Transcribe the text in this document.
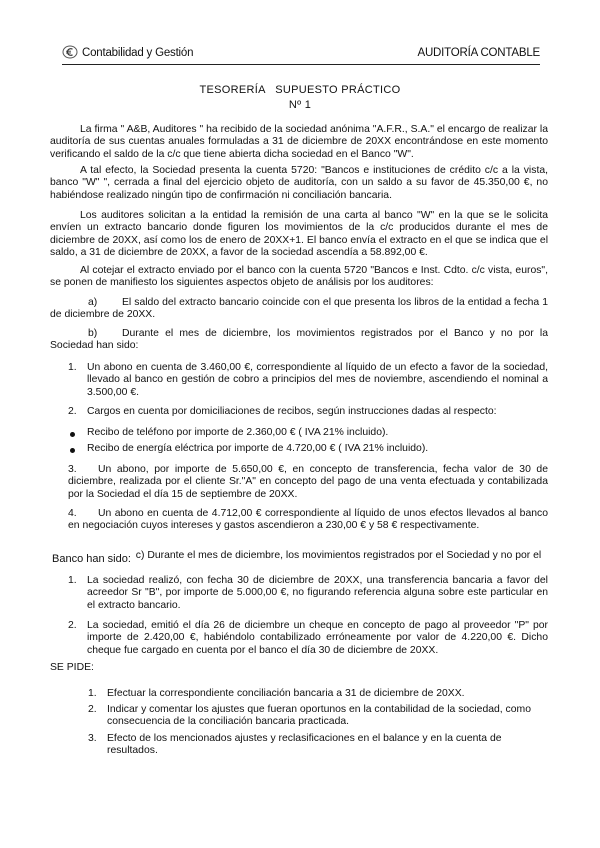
Contabilidad y Gestión	AUDITORÍA CONTABLE
TESORERÍA   SUPUESTO PRÁCTICO
Nº 1
La firma " A&B, Auditores " ha recibido de la sociedad anónima "A.F.R., S.A." el encargo de realizar la auditoría de sus cuentas anuales formuladas a 31 de diciembre de 20XX encontrándose en este momento verificando el saldo de la c/c que tiene abierta dicha sociedad en el Banco "W".
A tal efecto, la Sociedad presenta la cuenta 5720: "Bancos e instituciones de crédito c/c a la vista, banco "W" ", cerrada a final del ejercicio objeto de auditoría, con un saldo a su favor de 45.350,00 €, no habiéndose realizado ningún tipo de confirmación ni conciliación bancaria.
Los auditores solicitan a la entidad la remisión de una carta al banco "W" en la que se le solicita envíen un extracto bancario donde figuren los movimientos de la c/c producidos durante el mes de diciembre de 20XX, así como los de enero de 20XX+1. El banco envía el extracto en el que se indica que el saldo, a 31 de diciembre de 20XX, a favor de la sociedad ascendía a 58.892,00 €.
Al cotejar el extracto enviado por el banco con la cuenta 5720 "Bancos e Inst. Cdto. c/c vista, euros", se ponen de manifiesto los siguientes aspectos objeto de análisis por los auditores:
a) El saldo del extracto bancario coincide con el que presenta los libros de la entidad a fecha 1 de diciembre de 20XX.
b) Durante el mes de diciembre, los movimientos registrados por el Banco y no por la Sociedad han sido:
1. Un abono en cuenta de 3.460,00 €, correspondiente al líquido de un efecto a favor de la sociedad, llevado al banco en gestión de cobro a principios del mes de noviembre, ascendiendo el nominal a 3.500,00 €.
2. Cargos en cuenta por domiciliaciones de recibos, según instrucciones dadas al respecto:
Recibo de teléfono por importe de 2.360,00 € ( IVA 21% incluido).
Recibo de energía eléctrica por importe de 4.720,00 € ( IVA 21% incluido).
3. Un abono, por importe de 5.650,00 €, en concepto de transferencia, fecha valor de 30 de diciembre, realizada por el cliente Sr."A" en concepto del pago de una venta efectuada y contabilizada por la Sociedad el día 15 de septiembre de 20XX.
4. Un abono en cuenta de 4.712,00 € correspondiente al líquido de unos efectos llevados al banco en negociación cuyos intereses y gastos ascendieron a 230,00 € y 58 € respectivamente.
Banco han sido: c) Durante el mes de diciembre, los movimientos registrados por el Sociedad y no por el
1. La sociedad realizó, con fecha 30 de diciembre de 20XX, una transferencia bancaria a favor del acreedor Sr "B", por importe de 5.000,00 €, no figurando referencia alguna sobre este particular en el extracto bancario.
2. La sociedad, emitió el día 26 de diciembre un cheque en concepto de pago al proveedor "P" por importe de 2.420,00 €, habiéndolo contabilizado erróneamente por valor de 4.220,00 €. Dicho cheque fue cargado en cuenta por el banco el día 30 de diciembre de 20XX.
SE PIDE:
1. Efectuar la correspondiente conciliación bancaria a 31 de diciembre de 20XX.
2. Indicar y comentar los ajustes que fueran oportunos en la contabilidad de la sociedad, como consecuencia de la conciliación bancaria practicada.
3. Efecto de los mencionados ajustes y reclasificaciones en el balance y en la cuenta de resultados.
